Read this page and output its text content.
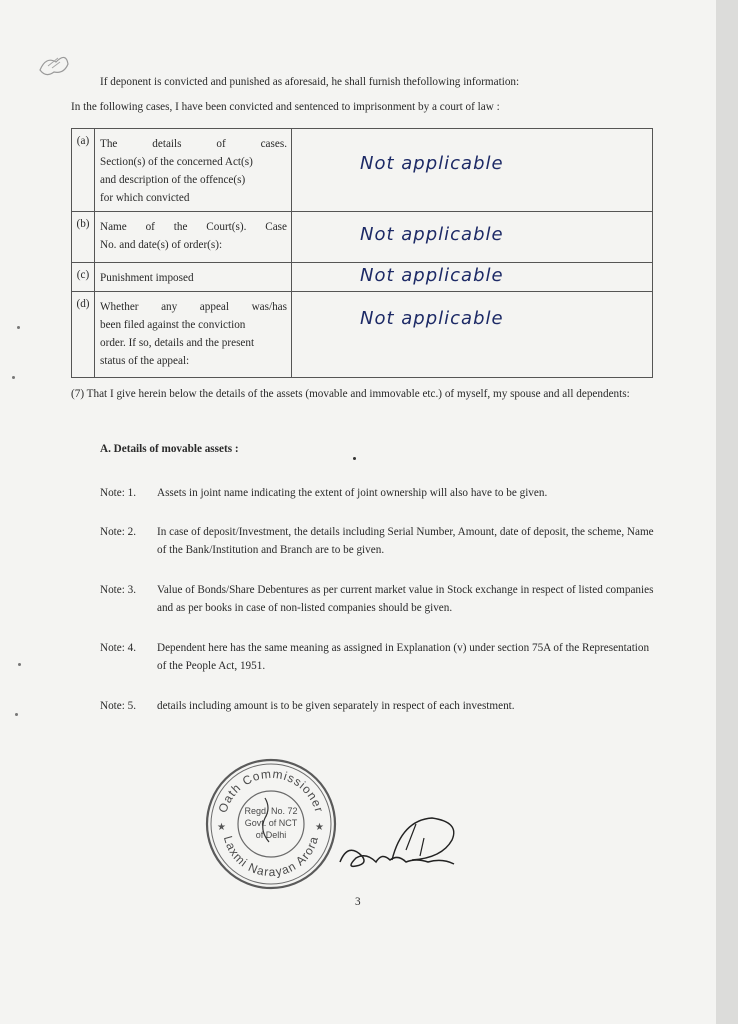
If deponent is convicted and punished as aforesaid, he shall furnish thefollowing information:
In the following cases, I have been convicted and sentenced to imprisonment by a court of law :
(a)	The details of cases.
Section(s) of the concerned Act(s)
and description of the offence(s)
for which convicted	Not applicable

(b)	Name of the Court(s). Case
No. and date(s) of order(s):	Not applicable

(c)	Punishment imposed	Not applicable

(d)	Whether any appeal was/has
been filed against the conviction
order. If so, details and the present
status of the appeal:	Not applicable
(7) That I give herein below the details of the assets (movable and immovable etc.) of myself, my spouse and all dependents:
A. Details of movable assets :
Note: 1. Assets in joint name indicating the extent of joint ownership will also have to be given.
Note: 2. In case of deposit/Investment, the details including Serial Number, Amount, date of deposit, the scheme, Name of the Bank/Institution and Branch are to be given.
Note: 3. Value of Bonds/Share Debentures as per current market value in Stock exchange in respect of listed companies and as per books in case of non-listed companies should be given.
Note: 4. Dependent here has the same meaning as assigned in Explanation (v) under section 75A of the Representation of the People Act, 1951.
Note: 5. details including amount is to be given separately in respect of each investment.
Oath Commissioner
Laxmi Narayan Arora
★	★
Regd. No. 72
Govt. of NCT
of Delhi
3
